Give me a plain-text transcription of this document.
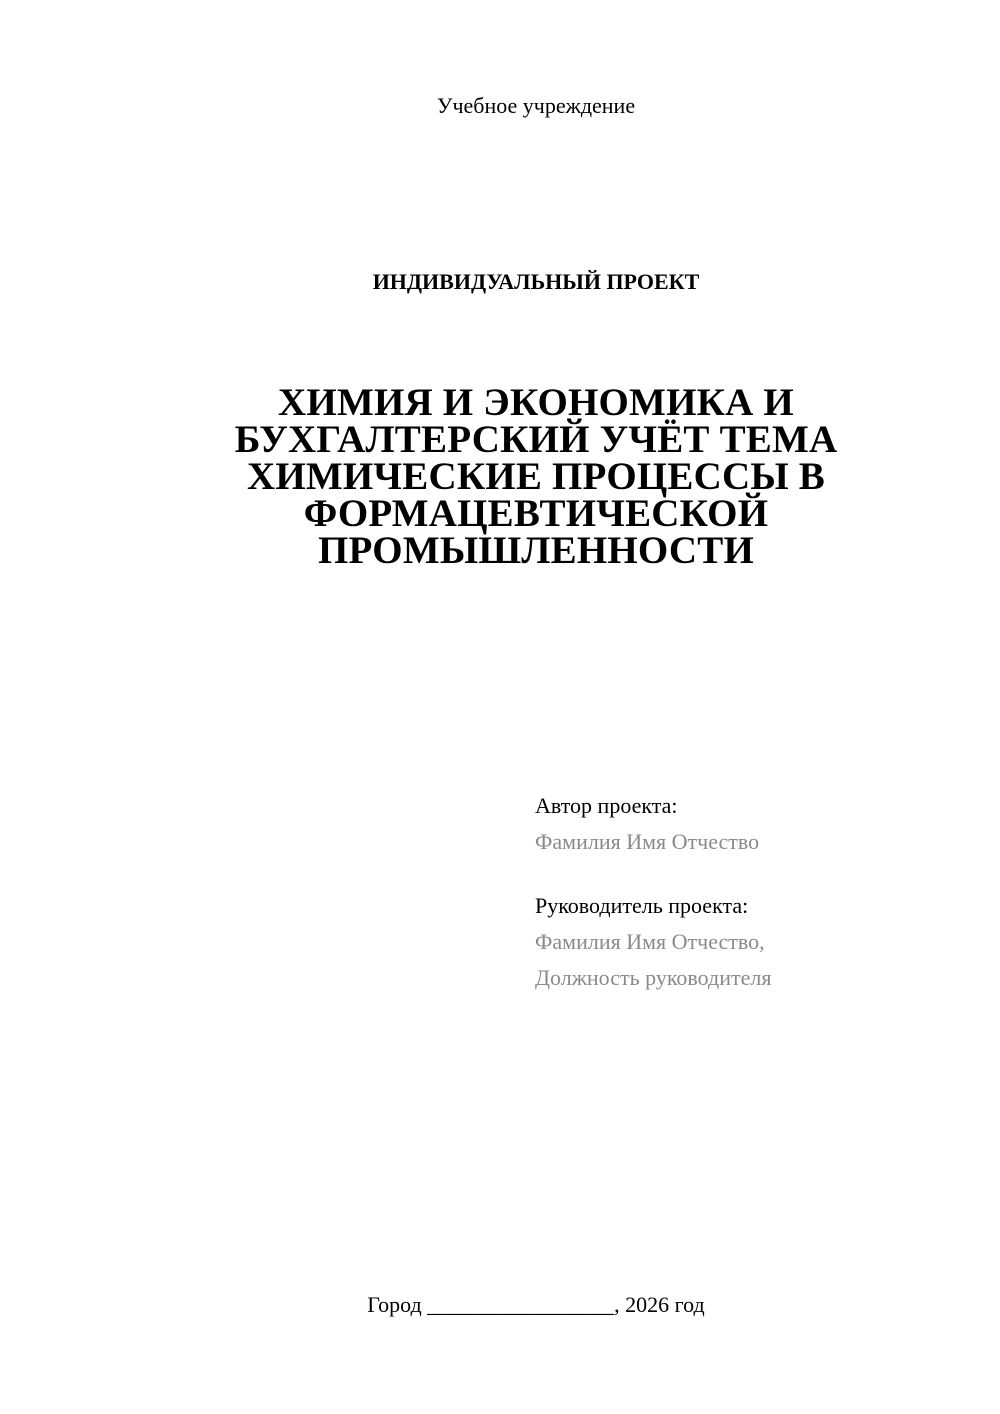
Учебное учреждение
ИНДИВИДУАЛЬНЫЙ ПРОЕКТ
ХИМИЯ И ЭКОНОМИКА И
БУХГАЛТЕРСКИЙ УЧЁТ ТЕМА
ХИМИЧЕСКИЕ ПРОЦЕССЫ В
ФОРМАЦЕВТИЧЕСКОЙ
ПРОМЫШЛЕННОСТИ
Автор проекта:
Фамилия Имя Отчество
Руководитель проекта:
Фамилия Имя Отчество,
Должность руководителя
Город _________________, 2026 год
